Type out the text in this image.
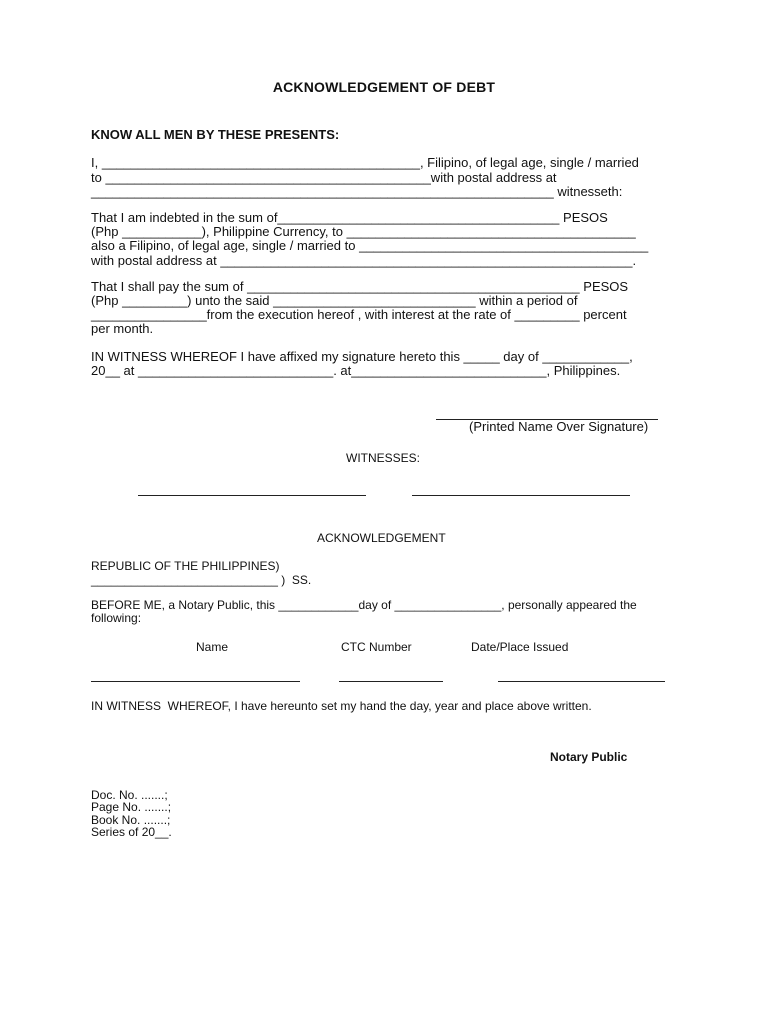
ACKNOWLEDGEMENT OF DEBT
KNOW ALL MEN BY THESE PRESENTS:
I, ____________________________________________, Filipino, of legal age, single / married
to _____________________________________________with postal address at
________________________________________________________________ witnesseth:
That I am indebted in the sum of_______________________________________ PESOS
(Php ___________), Philippine Currency, to ________________________________________
also a Filipino, of legal age, single / married to ________________________________________
with postal address at _________________________________________________________.
That I shall pay the sum of ______________________________________________ PESOS
(Php _________) unto the said ____________________________ within a period of
________________from the execution hereof , with interest at the rate of _________ percent
per month.
IN WITNESS WHEREOF I have affixed my signature hereto this _____ day of ____________,
20__ at ___________________________. at___________________________, Philippines.
(Printed Name Over Signature)
WITNESSES:
ACKNOWLEDGEMENT
REPUBLIC OF THE PHILIPPINES)
____________________________ )  SS.
BEFORE ME, a Notary Public, this ____________day of ________________, personally appeared the
following:
Name	CTC Number	Date/Place Issued
IN WITNESS  WHEREOF, I have hereunto set my hand the day, year and place above written.
Notary Public
Doc. No. .......;
Page No. .......;
Book No. .......;
Series of 20__.
